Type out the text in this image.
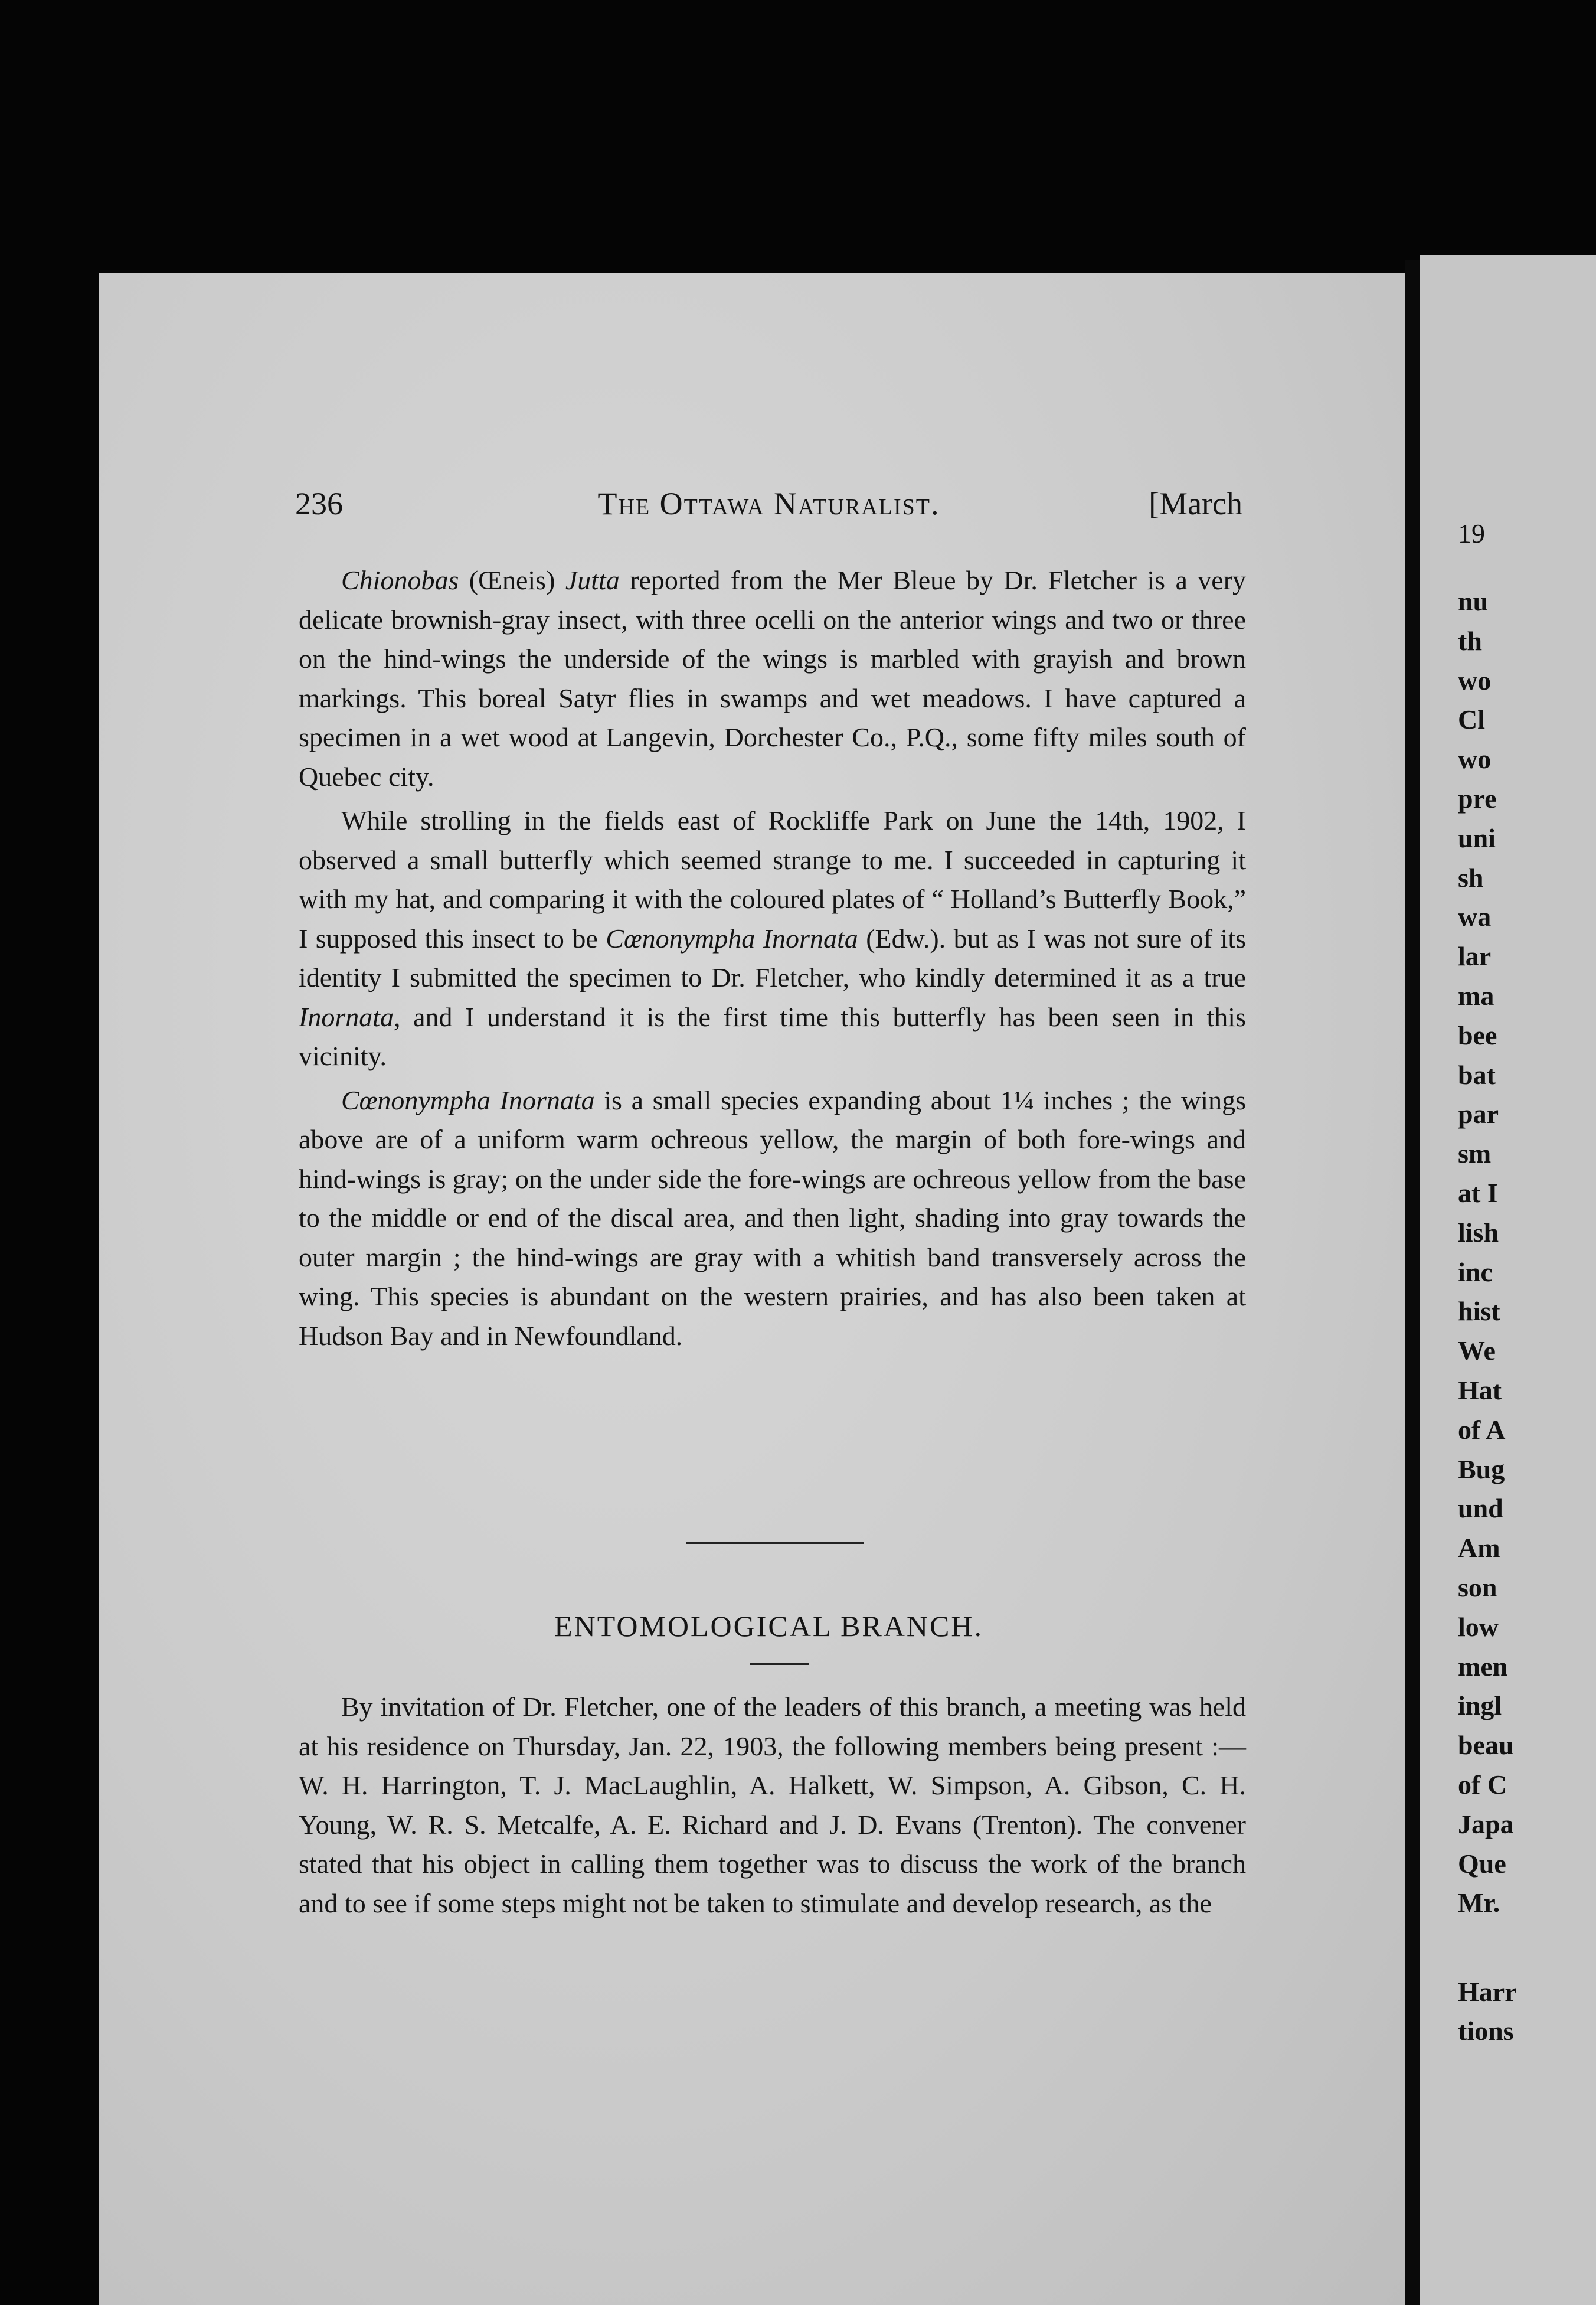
236	The Ottawa Naturalist.	[March

Chionobas (Œneis) Jutta reported from the Mer Bleue by Dr. Fletcher is a very delicate brownish-gray insect, with three ocelli on the anterior wings and two or three on the hind-wings the underside of the wings is marbled with grayish and brown markings. This boreal Satyr flies in swamps and wet meadows. I have captured a specimen in a wet wood at Langevin, Dorchester Co., P.Q., some fifty miles south of Quebec city.

While strolling in the fields east of Rockliffe Park on June the 14th, 1902, I observed a small butterfly which seemed strange to me. I succeeded in capturing it with my hat, and comparing it with the coloured plates of “ Holland’s Butterfly Book,” I supposed this insect to be Cœnonympha Inornata (Edw.). but as I was not sure of its identity I submitted the specimen to Dr. Fletcher, who kindly determined it as a true Inornata, and I understand it is the first time this butterfly has been seen in this vicinity.

Cœnonympha Inornata is a small species expanding about 1¼ inches ; the wings above are of a uniform warm ochreous yellow, the margin of both fore-wings and hind-wings is gray; on the under side the fore-wings are ochreous yellow from the base to the middle or end of the discal area, and then light, shading into gray towards the outer margin ; the hind-wings are gray with a whitish band transversely across the wing. This species is abundant on the western prairies, and has also been taken at Hudson Bay and in Newfoundland.

ENTOMOLOGICAL BRANCH.

By invitation of Dr. Fletcher, one of the leaders of this branch, a meeting was held at his residence on Thursday, Jan. 22, 1903, the following members being present :—W. H. Harrington, T. J. MacLaughlin, A. Halkett, W. Simpson, A. Gibson, C. H. Young, W. R. S. Metcalfe, A. E. Richard and J. D. Evans (Trenton). The convener stated that his object in calling them together was to discuss the work of the branch and to see if some steps might not be taken to stimulate and develop research, as the

19
nu
th
wo
Cl
wo
pre
uni
sh
wa
lar
ma
bee
bat
par
sm
at I
lish
inc
hist
We
Hat
of A
Bug
und
Am
son
low
men
ingl
beau
of C
Japa
Que
Mr.
Harr
tions
